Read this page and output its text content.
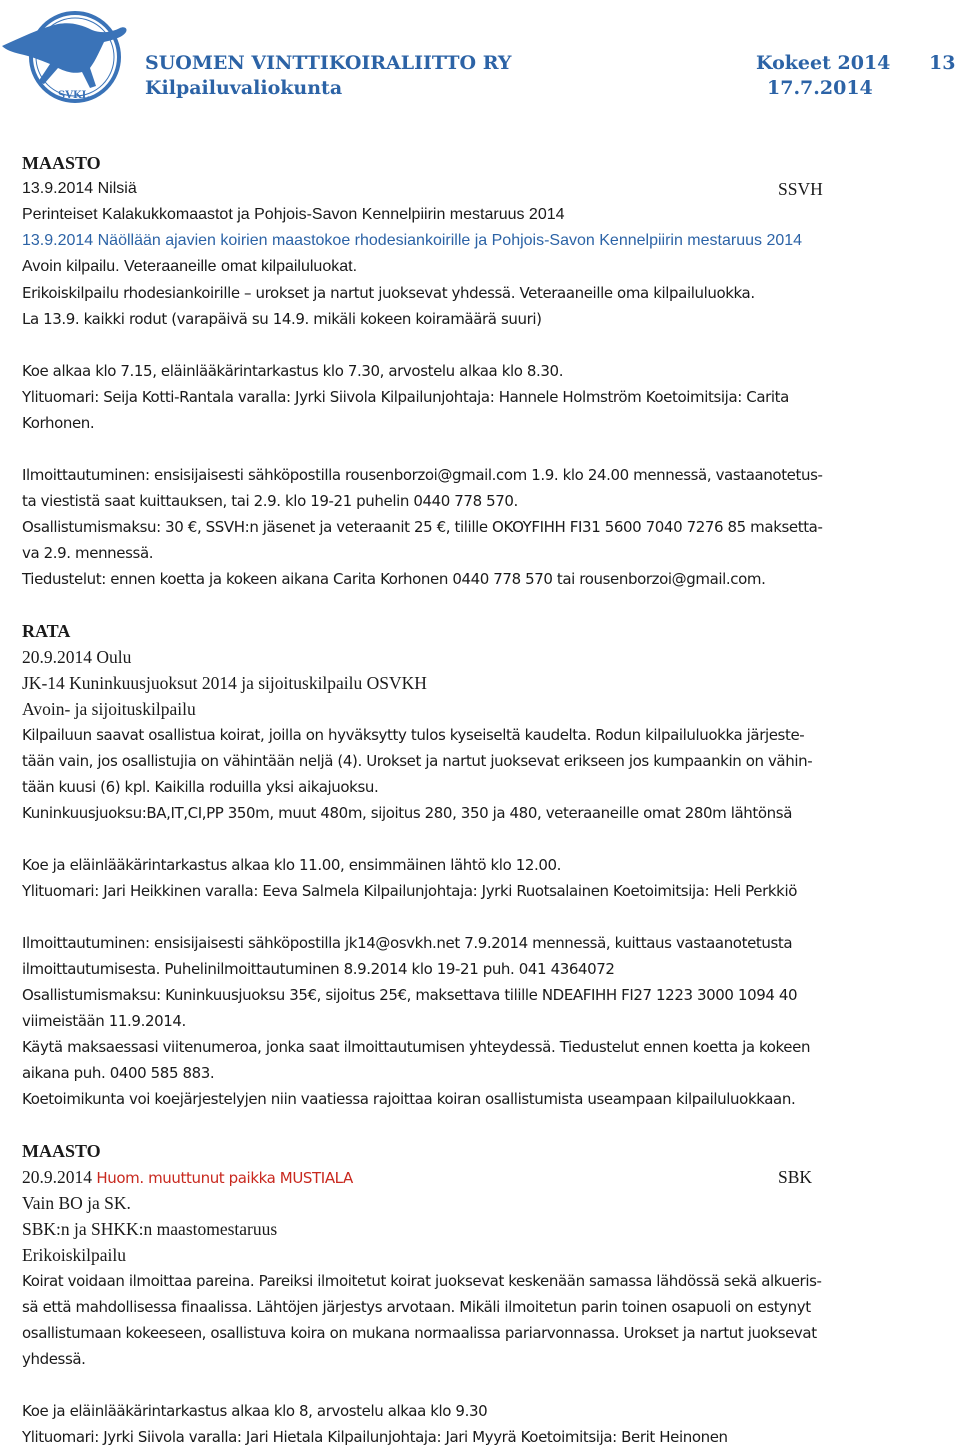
SVKL
SUOMEN VINTTIKOIRALIITTO RY
Kilpailuvaliokunta
Kokeet 2014
17.7.2014
13
MAASTO
13.9.2014 Nilsiä	SSVH
Perinteiset Kalakukkomaastot ja Pohjois-Savon Kennelpiirin mestaruus 2014
13.9.2014 Näöllään ajavien koirien maastokoe rhodesiankoirille ja Pohjois-Savon Kennelpiirin mestaruus 2014
Avoin kilpailu. Veteraaneille omat kilpailuluokat.
Erikoiskilpailu rhodesiankoirille – urokset ja nartut juoksevat yhdessä. Veteraaneille oma kilpailuluokka.
La 13.9. kaikki rodut (varapäivä su 14.9. mikäli kokeen koiramäärä suuri)
Koe alkaa klo 7.15, eläinlääkärintarkastus klo 7.30, arvostelu alkaa klo 8.30.
Ylituomari: Seija Kotti-Rantala varalla: Jyrki Siivola Kilpailunjohtaja: Hannele Holmström Koetoimitsija: Carita
Korhonen.
Ilmoittautuminen: ensisijaisesti sähköpostilla rousenborzoi@gmail.com 1.9. klo 24.00 mennessä, vastaanotetus-
ta viestistä saat kuittauksen, tai 2.9. klo 19-21 puhelin 0440 778 570.
Osallistumismaksu: 30 €, SSVH:n jäsenet ja veteraanit 25 €, tilille OKOYFIHH FI31 5600 7040 7276 85 maksetta-
va 2.9. mennessä.
Tiedustelut: ennen koetta ja kokeen aikana Carita Korhonen 0440 778 570 tai rousenborzoi@gmail.com.
RATA
20.9.2014 Oulu
JK-14 Kuninkuusjuoksut 2014 ja sijoituskilpailu OSVKH
Avoin- ja sijoituskilpailu
Kilpailuun saavat osallistua koirat, joilla on hyväksytty tulos kyseiseltä kaudelta. Rodun kilpailuluokka järjeste-
tään vain, jos osallistujia on vähintään neljä (4). Urokset ja nartut juoksevat erikseen jos kumpaankin on vähin-
tään kuusi (6) kpl. Kaikilla roduilla yksi aikajuoksu.
Kuninkuusjuoksu:BA,IT,CI,PP 350m, muut 480m, sijoitus 280, 350 ja 480, veteraaneille omat 280m lähtönsä
Koe ja eläinlääkärintarkastus alkaa klo 11.00, ensimmäinen lähtö klo 12.00.
Ylituomari: Jari Heikkinen varalla: Eeva Salmela Kilpailunjohtaja: Jyrki Ruotsalainen Koetoimitsija: Heli Perkkiö
Ilmoittautuminen: ensisijaisesti sähköpostilla jk14@osvkh.net 7.9.2014 mennessä, kuittaus vastaanotetusta
ilmoittautumisesta. Puhelinilmoittautuminen 8.9.2014 klo 19-21 puh. 041 4364072
Osallistumismaksu: Kuninkuusjuoksu 35€, sijoitus 25€, maksettava tilille NDEAFIHH FI27 1223 3000 1094 40
viimeistään 11.9.2014.
Käytä maksaessasi viitenumeroa, jonka saat ilmoittautumisen yhteydessä. Tiedustelut ennen koetta ja kokeen
aikana puh. 0400 585 883.
Koetoimikunta voi koejärjestelyjen niin vaatiessa rajoittaa koiran osallistumista useampaan kilpailuluokkaan.
MAASTO
20.9.2014 Huom. muuttunut paikka MUSTIALA	SBK
Vain BO ja SK.
SBK:n ja SHKK:n maastomestaruus
Erikoiskilpailu
Koirat voidaan ilmoittaa pareina. Pareiksi ilmoitetut koirat juoksevat keskenään samassa lähdössä sekä alkueris-
sä että mahdollisessa finaalissa. Lähtöjen järjestys arvotaan. Mikäli ilmoitetun parin toinen osapuoli on estynyt
osallistumaan kokeeseen, osallistuva koira on mukana normaalissa pariarvonnassa. Urokset ja nartut juoksevat
yhdessä.
Koe ja eläinlääkärintarkastus alkaa klo 8, arvostelu alkaa klo 9.30
Ylituomari: Jyrki Siivola varalla: Jari Hietala Kilpailunjohtaja: Jari Myyrä Koetoimitsija: Berit Heinonen
